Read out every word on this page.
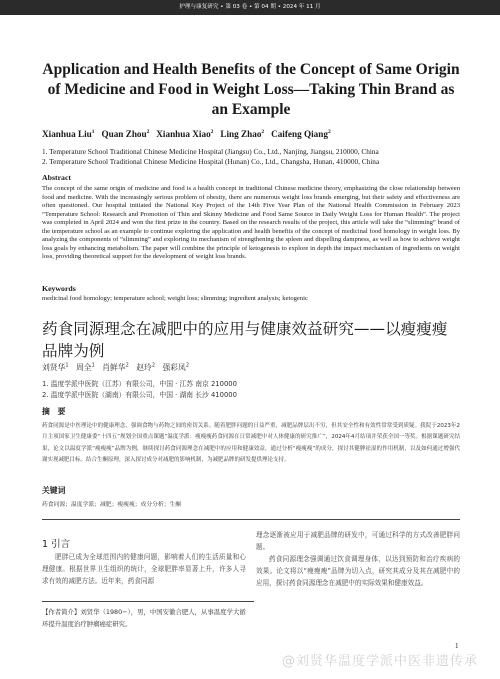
护理与康复研究 • 第 03 卷 • 第 04 期 • 2024 年 11 月
Application and Health Benefits of the Concept of Same Origin of Medicine and Food in Weight Loss—Taking Thin Brand as an Example
Xianhua Liu$^1$ Quan Zhou$^2$ Xianhua Xiao$^2$ Ling Zhao$^2$ Caifeng Qiang$^2$
1. Temperature School Traditional Chinese Medicine Hospital (Jiangsu) Co., Ltd., Nanjing, Jiangsu, 210000, China
2. Temperature School Traditional Chinese Medicine Hospital (Hunan) Co., Ltd., Changsha, Hunan, 410000, China
Abstract
The concept of the same origin of medicine and food is a health concept in traditional Chinese medicine theory, emphasizing the close relationship between food and medicine. With the increasingly serious problem of obesity, there are numerous weight loss brands emerging, but their safety and effectiveness are often questioned. Our hospital initiated the National Key Project of the 14th Five Year Plan of the National Health Commission in February 2023 “Temperature School: Research and Promotion of Thin and Skinny Medicine and Food Same Source in Daily Weight Loss for Human Health”. The project was completed in April 2024 and won the first prize in the country. Based on the research results of the project, this article will take the “slimming” brand of the temperature school as an example to continue exploring the application and health benefits of the concept of medicinal food homology in weight loss. By analyzing the components of “slimming” and exploring its mechanism of strengthening the spleen and dispelling dampness, as well as how to achieve weight loss goals by enhancing metabolism. The paper will combine the principle of ketogenesis to explore in depth the impact mechanism of ingredients on weight loss, providing theoretical support for the development of weight loss brands.
Keywords
medicinal food homology; temperature school; weight loss; slimming; ingredient analysis; ketogenic
药食同源理念在减肥中的应用与健康效益研究——以瘦瘦瘦品牌为例
刘贤华$^1$ 周全$^1$ 肖鲜华$^2$ 赵玲$^2$ 强彩凤$^2$
1. 温度学派中医院（江苏）有限公司，中国 · 江苏 南京 210000
2. 温度学派中医院（湖南）有限公司，中国 · 湖南 长沙 410000
摘　要
药食同源是中医理论中的健康理念，强调食物与药物之间的密切关系。随着肥胖问题的日益严重，减肥品牌层出不穷，但其安全性和有效性常常受到质疑。我院于2023年2月主项国家卫生健康委“十四五”规划全国重点课题“温度学派：瘦瘦瘦药食同源在日常减肥中对人体健康的研究推广”，2024年4月结项并荣获全国一等奖。根据课题研究结果，论文以温度学派“瘦瘦瘦”品牌为例，继续探讨药食同源理念在减肥中的应用和健康效益。通过分析“瘦瘦瘦”的成分，探讨其健脾祛湿的作用机制，以及如何通过增强代谢实现减肥目标。结合生酮原理，深入探讨成分对减肥的影响机制，为减肥品牌的研发提供理论支持。
关键词
药食同源；温度学派；减肥；瘦瘦瘦；成分分析；生酮
1 引言

肥胖已成为全球范围内的健康问题，影响着人们的生活质量和心理健康。根据世界卫生组织的统计，全球肥胖率显著上升，许多人寻求有效的减肥方法。近年来，药食同源

理念逐渐被应用于减肥品牌的研发中，可通过科学的方式改善肥胖问题。

药食同源理念强调通过饮食调理身体，以达到预防和治疗疾病的效果。论文将以“瘦瘦瘦”品牌为切入点，研究其成分及其在减肥中的应用，探讨药食同源理念在减肥中的实际效果和健康效益。

【作者简介】刘贤华（1980−），男，中国安徽合肥人，从事温度学大循环提升温度治疗肿瘤癌症研究。
1
@刘贤华温度学派中医非遗传承
